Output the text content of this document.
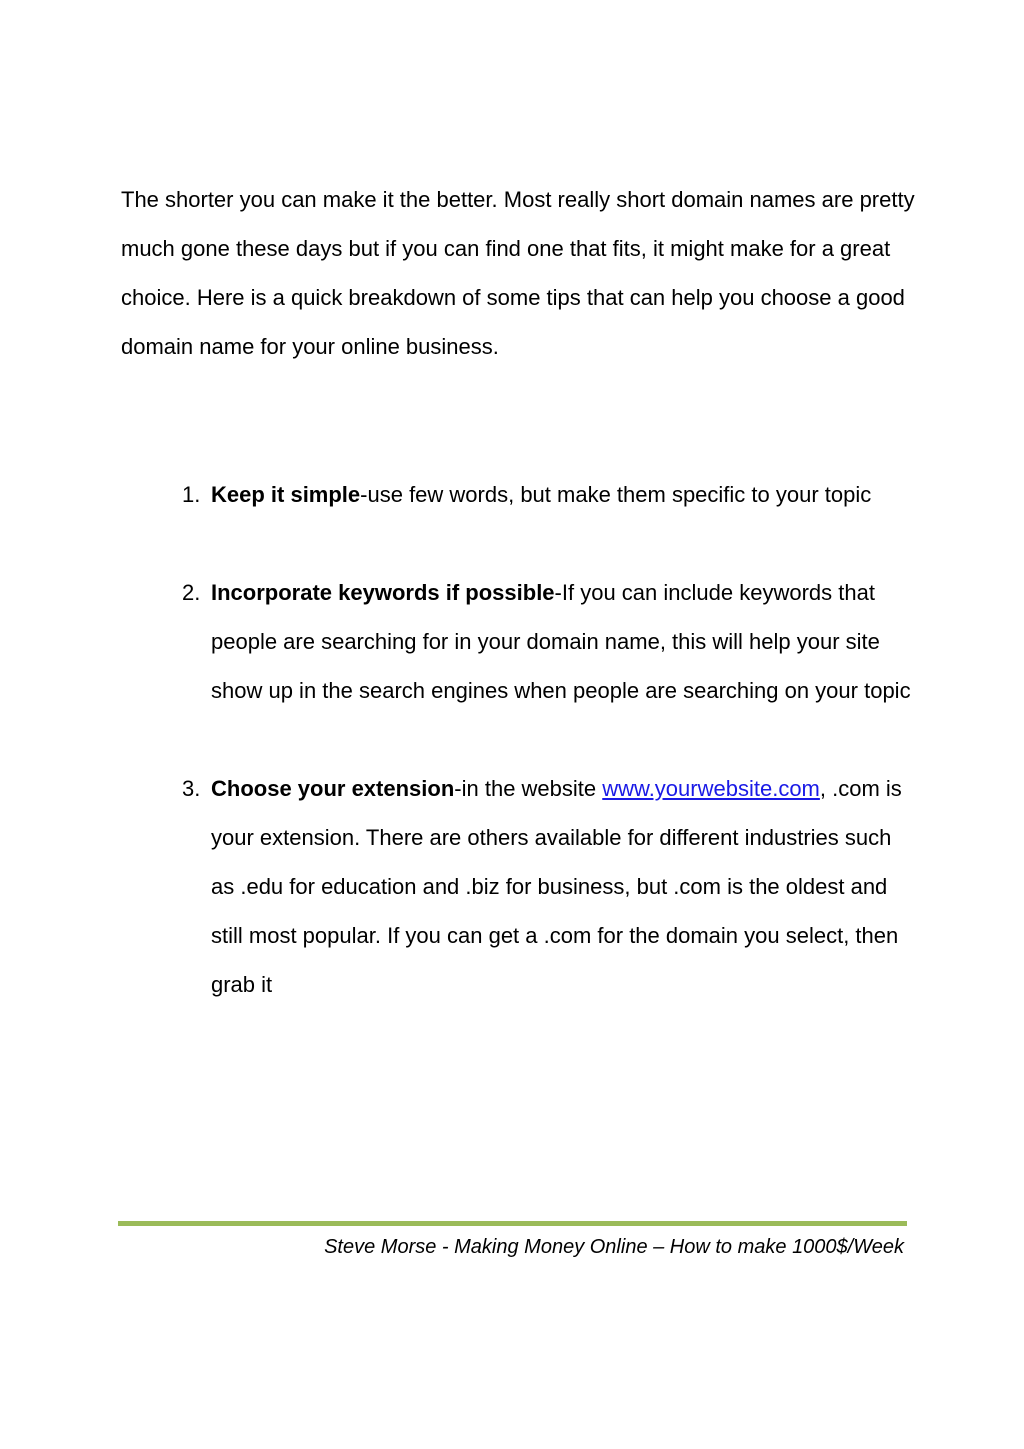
The shorter you can make it the better. Most really short domain names are pretty much gone these days but if you can find one that fits, it might make for a great choice. Here is a quick breakdown of some tips that can help you choose a good domain name for your online business.

1. Keep it simple-use few words, but make them specific to your topic
2. Incorporate keywords if possible-If you can include keywords that people are searching for in your domain name, this will help your site show up in the search engines when people are searching on your topic
3. Choose your extension-in the website www.yourwebsite.com, .com is your extension. There are others available for different industries such as .edu for education and .biz for business, but .com is the oldest and still most popular. If you can get a .com for the domain you select, then grab it
Steve Morse - Making Money Online – How to make 1000$/Week
